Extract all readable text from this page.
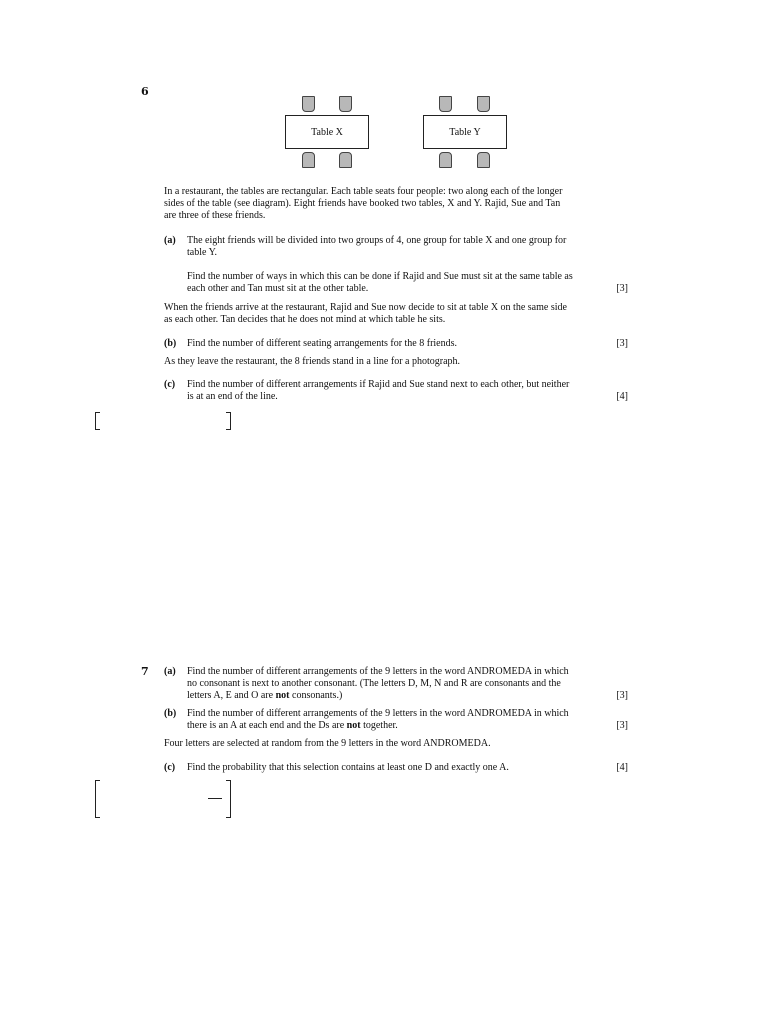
6
Table X	Table Y
In a restaurant, the tables are rectangular. Each table seats four people: two along each of the longer
sides of the table (see diagram). Eight friends have booked two tables, X and Y. Rajid, Sue and Tan
are three of these friends.
(a) The eight friends will be divided into two groups of 4, one group for table X and one group for
table Y.
Find the number of ways in which this can be done if Rajid and Sue must sit at the same table as
each other and Tan must sit at the other table.	[3]
When the friends arrive at the restaurant, Rajid and Sue now decide to sit at table X on the same side
as each other. Tan decides that he does not mind at which table he sits.
(b) Find the number of different seating arrangements for the 8 friends.	[3]
As they leave the restaurant, the 8 friends stand in a line for a photograph.
(c) Find the number of different arrangements if Rajid and Sue stand next to each other, but neither
is at an end of the line.	[4]
7 (a) Find the number of different arrangements of the 9 letters in the word ANDROMEDA in which
no consonant is next to another consonant. (The letters D, M, N and R are consonants and the
letters A, E and O are not consonants.)	[3]
(b) Find the number of different arrangements of the 9 letters in the word ANDROMEDA in which
there is an A at each end and the Ds are not together.	[3]
Four letters are selected at random from the 9 letters in the word ANDROMEDA.
(c) Find the probability that this selection contains at least one D and exactly one A.	[4]
